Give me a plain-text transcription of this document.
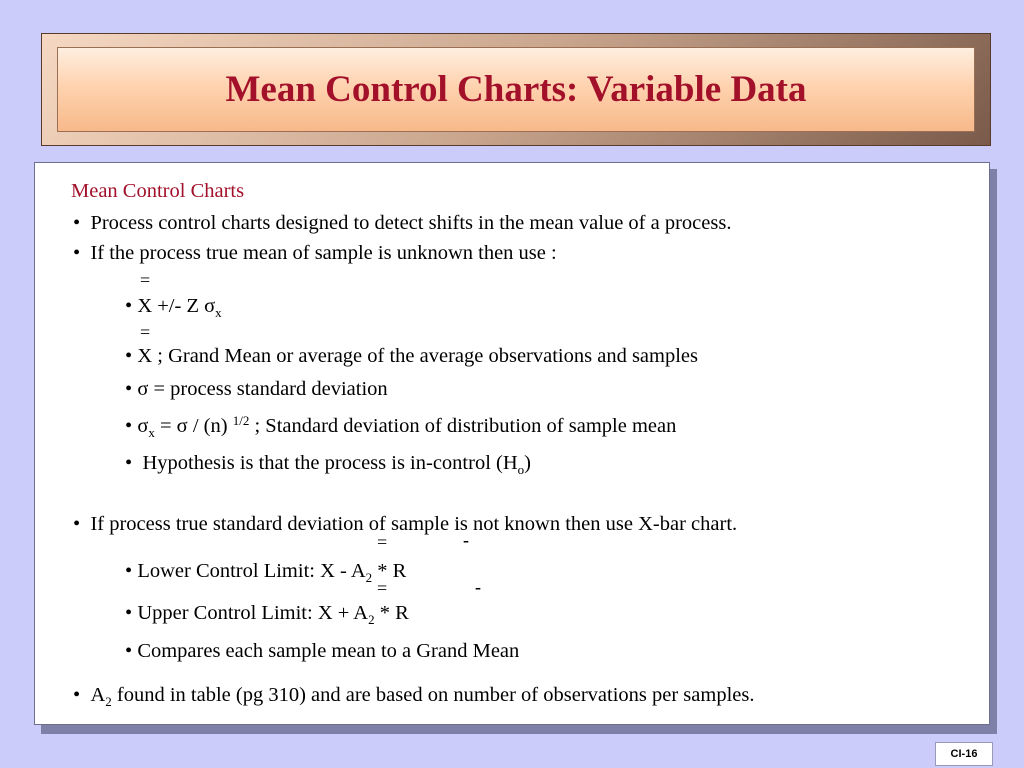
Mean Control Charts: Variable Data
Mean Control Charts
• Process control charts designed to detect shifts in the mean value of a process.
• If the process true mean of sample is unknown then use :
=
• X +/- Z $\sigma_x$
=
• X ; Grand Mean or average of the average observations and samples
• σ = process standard deviation
• $\sigma_x = \sigma / (n)$ $^{1/2}$ ; Standard deviation of distribution of sample mean
•  Hypothesis is that the process is in-control $(H_o)$
• If process true standard deviation of sample is not known then use X-bar chart.
=	-
• Lower Control Limit: X - $A_2$ * R
=	-
• Upper Control Limit: $X + A_2 * R$
• Compares each sample mean to a Grand Mean
• $A_2$ found in table (pg 310) and are based on number of observations per samples.
CI-16
